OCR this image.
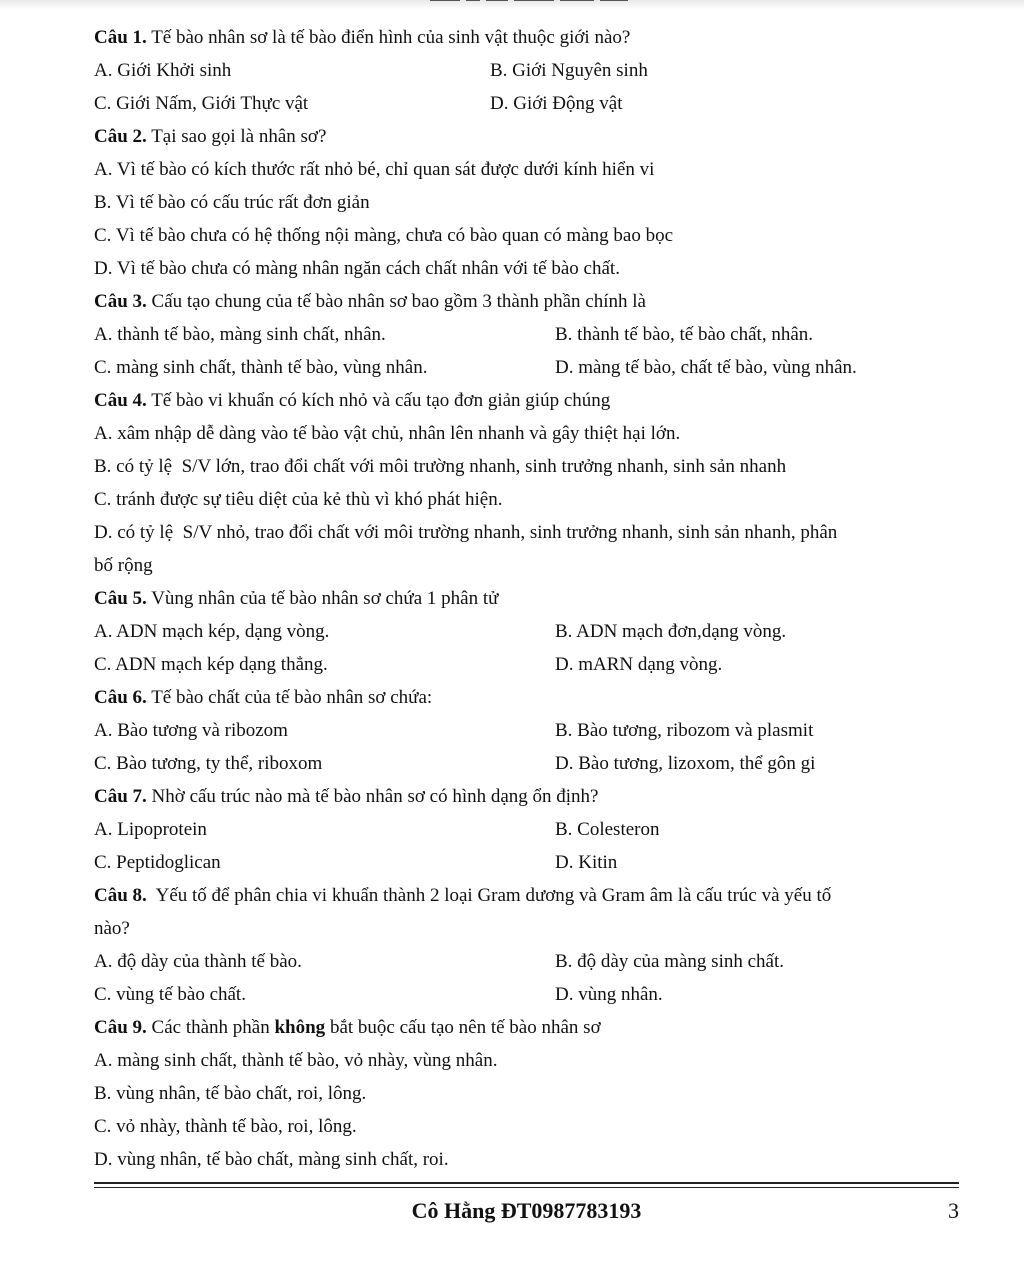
Câu 1. Tế bào nhân sơ là tế bào điển hình của sinh vật thuộc giới nào?
A. Giới Khởi sinh	B. Giới Nguyên sinh
C. Giới Nấm, Giới Thực vật	D. Giới Động vật
Câu 2. Tại sao gọi là nhân sơ?
A. Vì tế bào có kích thước rất nhỏ bé, chỉ quan sát được dưới kính hiển vi
B. Vì tế bào có cấu trúc rất đơn giản
C. Vì tế bào chưa có hệ thống nội màng, chưa có bào quan có màng bao bọc
D. Vì tế bào chưa có màng nhân ngăn cách chất nhân với tế bào chất.
Câu 3. Cấu tạo chung của tế bào nhân sơ bao gồm 3 thành phần chính là
A. thành tế bào, màng sinh chất, nhân.	B. thành tế bào, tế bào chất, nhân.
C. màng sinh chất, thành tế bào, vùng nhân.	D. màng tế bào, chất tế bào, vùng nhân.
Câu 4. Tế bào vi khuẩn có kích nhỏ và cấu tạo đơn giản giúp chúng
A. xâm nhập dễ dàng vào tế bào vật chủ, nhân lên nhanh và gây thiệt hại lớn.
B. có tỷ lệ  S/V lớn, trao đổi chất với môi trường nhanh, sinh trưởng nhanh, sinh sản nhanh
C. tránh được sự tiêu diệt của kẻ thù vì khó phát hiện.
D. có tỷ lệ  S/V nhỏ, trao đổi chất với môi trường nhanh, sinh trưởng nhanh, sinh sản nhanh, phân
bố rộng
Câu 5. Vùng nhân của tế bào nhân sơ chứa 1 phân tử
A. ADN mạch kép, dạng vòng.	B. ADN mạch đơn,dạng vòng.
C. ADN mạch kép dạng thẳng.	D. mARN dạng vòng.
Câu 6. Tế bào chất của tế bào nhân sơ chứa:
A. Bào tương và ribozom	B. Bào tương, ribozom và plasmit
C. Bào tương, ty thể, riboxom	D. Bào tương, lizoxom, thể gôn gi
Câu 7. Nhờ cấu trúc nào mà tế bào nhân sơ có hình dạng ổn định?
A. Lipoprotein	B. Colesteron
C. Peptidoglican	D. Kitin
Câu 8.  Yếu tố để phân chia vi khuẩn thành 2 loại Gram dương và Gram âm là cấu trúc và yếu tố
nào?
A. độ dày của thành tế bào.	B. độ dày của màng sinh chất.
C. vùng tế bào chất.	D. vùng nhân.
Câu 9. Các thành phần không bắt buộc cấu tạo nên tế bào nhân sơ
A. màng sinh chất, thành tế bào, vỏ nhày, vùng nhân.
B. vùng nhân, tế bào chất, roi, lông.
C. vỏ nhày, thành tế bào, roi, lông.
D. vùng nhân, tế bào chất, màng sinh chất, roi.
Cô Hằng ĐT0987783193	3
